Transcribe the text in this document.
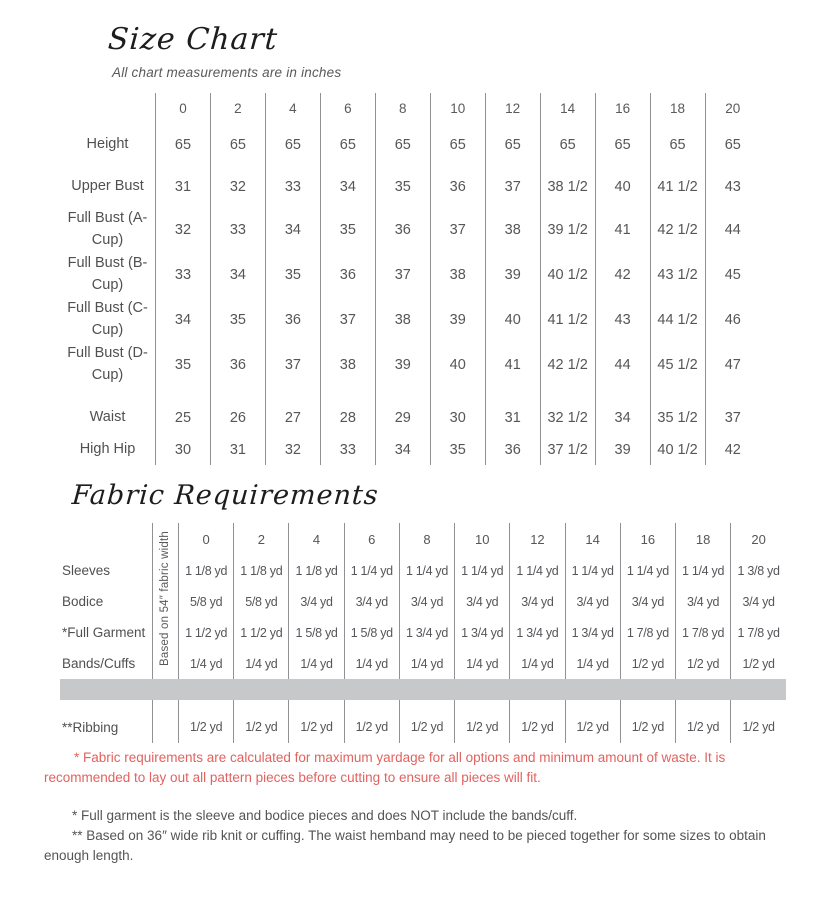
Size Chart

All chart measurements are in inches

	0	2	4	6	8	10	12	14	16	18	20
Height	65	65	65	65	65	65	65	65	65	65	65
Upper Bust	31	32	33	34	35	36	37	38 1/2	40	41 1/2	43
Full Bust (A-Cup)	32	33	34	35	36	37	38	39 1/2	41	42 1/2	44
Full Bust (B-Cup)	33	34	35	36	37	38	39	40 1/2	42	43 1/2	45
Full Bust (C-Cup)	34	35	36	37	38	39	40	41 1/2	43	44 1/2	46
Full Bust (D-Cup)	35	36	37	38	39	40	41	42 1/2	44	45 1/2	47

Waist	25	26	27	28	29	30	31	32 1/2	34	35 1/2	37
High Hip	30	31	32	33	34	35	36	37 1/2	39	40 1/2	42
Fabric Requirements
	Based on 54″ fabric width	0	2	4	6	8	10	12	14	16	18	20
Sleeves		1 1/8 yd	1 1/8 yd	1 1/8 yd	1 1/4 yd	1 1/4 yd	1 1/4 yd	1 1/4 yd	1 1/4 yd	1 1/4 yd	1 1/4 yd	1 3/8 yd
Bodice		5/8 yd	5/8 yd	3/4 yd	3/4 yd	3/4 yd	3/4 yd	3/4 yd	3/4 yd	3/4 yd	3/4 yd	3/4 yd
*Full Garment		1 1/2 yd	1 1/2 yd	1 5/8 yd	1 5/8 yd	1 3/4 yd	1 3/4 yd	1 3/4 yd	1 3/4 yd	1 7/8 yd	1 7/8 yd	1 7/8 yd
Bands/Cuffs		1/4 yd	1/4 yd	1/4 yd	1/4 yd	1/4 yd	1/4 yd	1/4 yd	1/4 yd	1/2 yd	1/2 yd	1/2 yd

**Ribbing		1/2 yd	1/2 yd	1/2 yd	1/2 yd	1/2 yd	1/2 yd	1/2 yd	1/2 yd	1/2 yd	1/2 yd	1/2 yd

* Fabric requirements are calculated for maximum yardage for all options and minimum amount of waste. It is recommended to lay out all pattern pieces before cutting to ensure all pieces will fit.

* Full garment is the sleeve and bodice pieces and does NOT include the bands/cuff.

** Based on 36″ wide rib knit or cuffing. The waist hemband may need to be pieced together for some sizes to obtain enough length.
